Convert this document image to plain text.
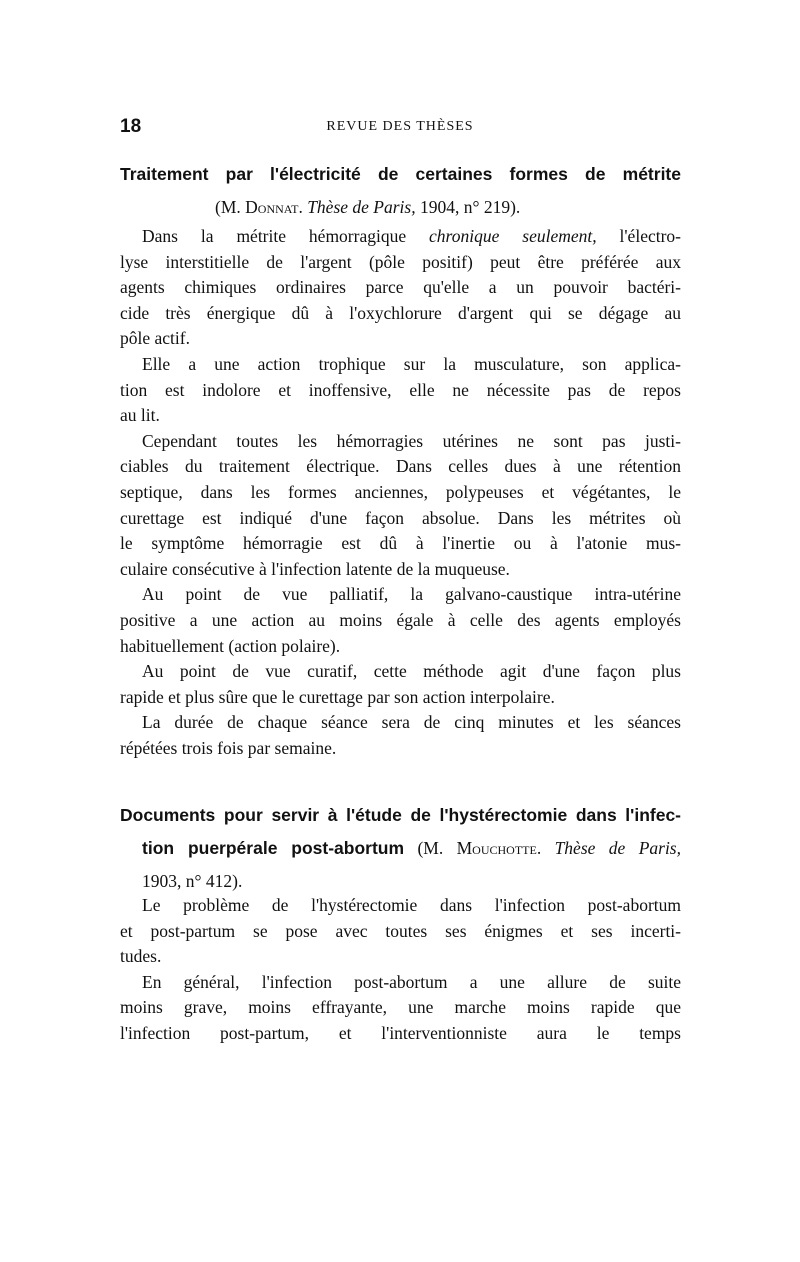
18	REVUE DES THÈSES
Traitement par l'électricité de certaines formes de métrite
(M. Donnat. Thèse de Paris, 1904, n° 219).

Dans la métrite hémorragique chronique seulement, l'électro-
lyse interstitielle de l'argent (pôle positif) peut être préférée aux
agents chimiques ordinaires parce qu'elle a un pouvoir bactéri-
cide très énergique dû à l'oxychlorure d'argent qui se dégage au
pôle actif.

Elle a une action trophique sur la musculature, son applica-
tion est indolore et inoffensive, elle ne nécessite pas de repos
au lit.

Cependant toutes les hémorragies utérines ne sont pas justi-
ciables du traitement électrique. Dans celles dues à une rétention
septique, dans les formes anciennes, polypeuses et végétantes, le
curettage est indiqué d'une façon absolue. Dans les métrites où
le symptôme hémorragie est dû à l'inertie ou à l'atonie mus-
culaire consécutive à l'infection latente de la muqueuse.

Au point de vue palliatif, la galvano-caustique intra-utérine
positive a une action au moins égale à celle des agents employés
habituellement (action polaire).

Au point de vue curatif, cette méthode agit d'une façon plus
rapide et plus sûre que le curettage par son action interpolaire.

La durée de chaque séance sera de cinq minutes et les séances
répétées trois fois par semaine.

Documents pour servir à l'étude de l'hystérectomie dans l'infec-
tion puerpérale post-abortum (M. Mouchotte. Thèse de Paris,
1903, n° 412).

Le problème de l'hystérectomie dans l'infection post-abortum
et post-partum se pose avec toutes ses énigmes et ses incerti-
tudes.

En général, l'infection post-abortum a une allure de suite
moins grave, moins effrayante, une marche moins rapide que
l'infection post-partum, et l'interventionniste aura le temps
